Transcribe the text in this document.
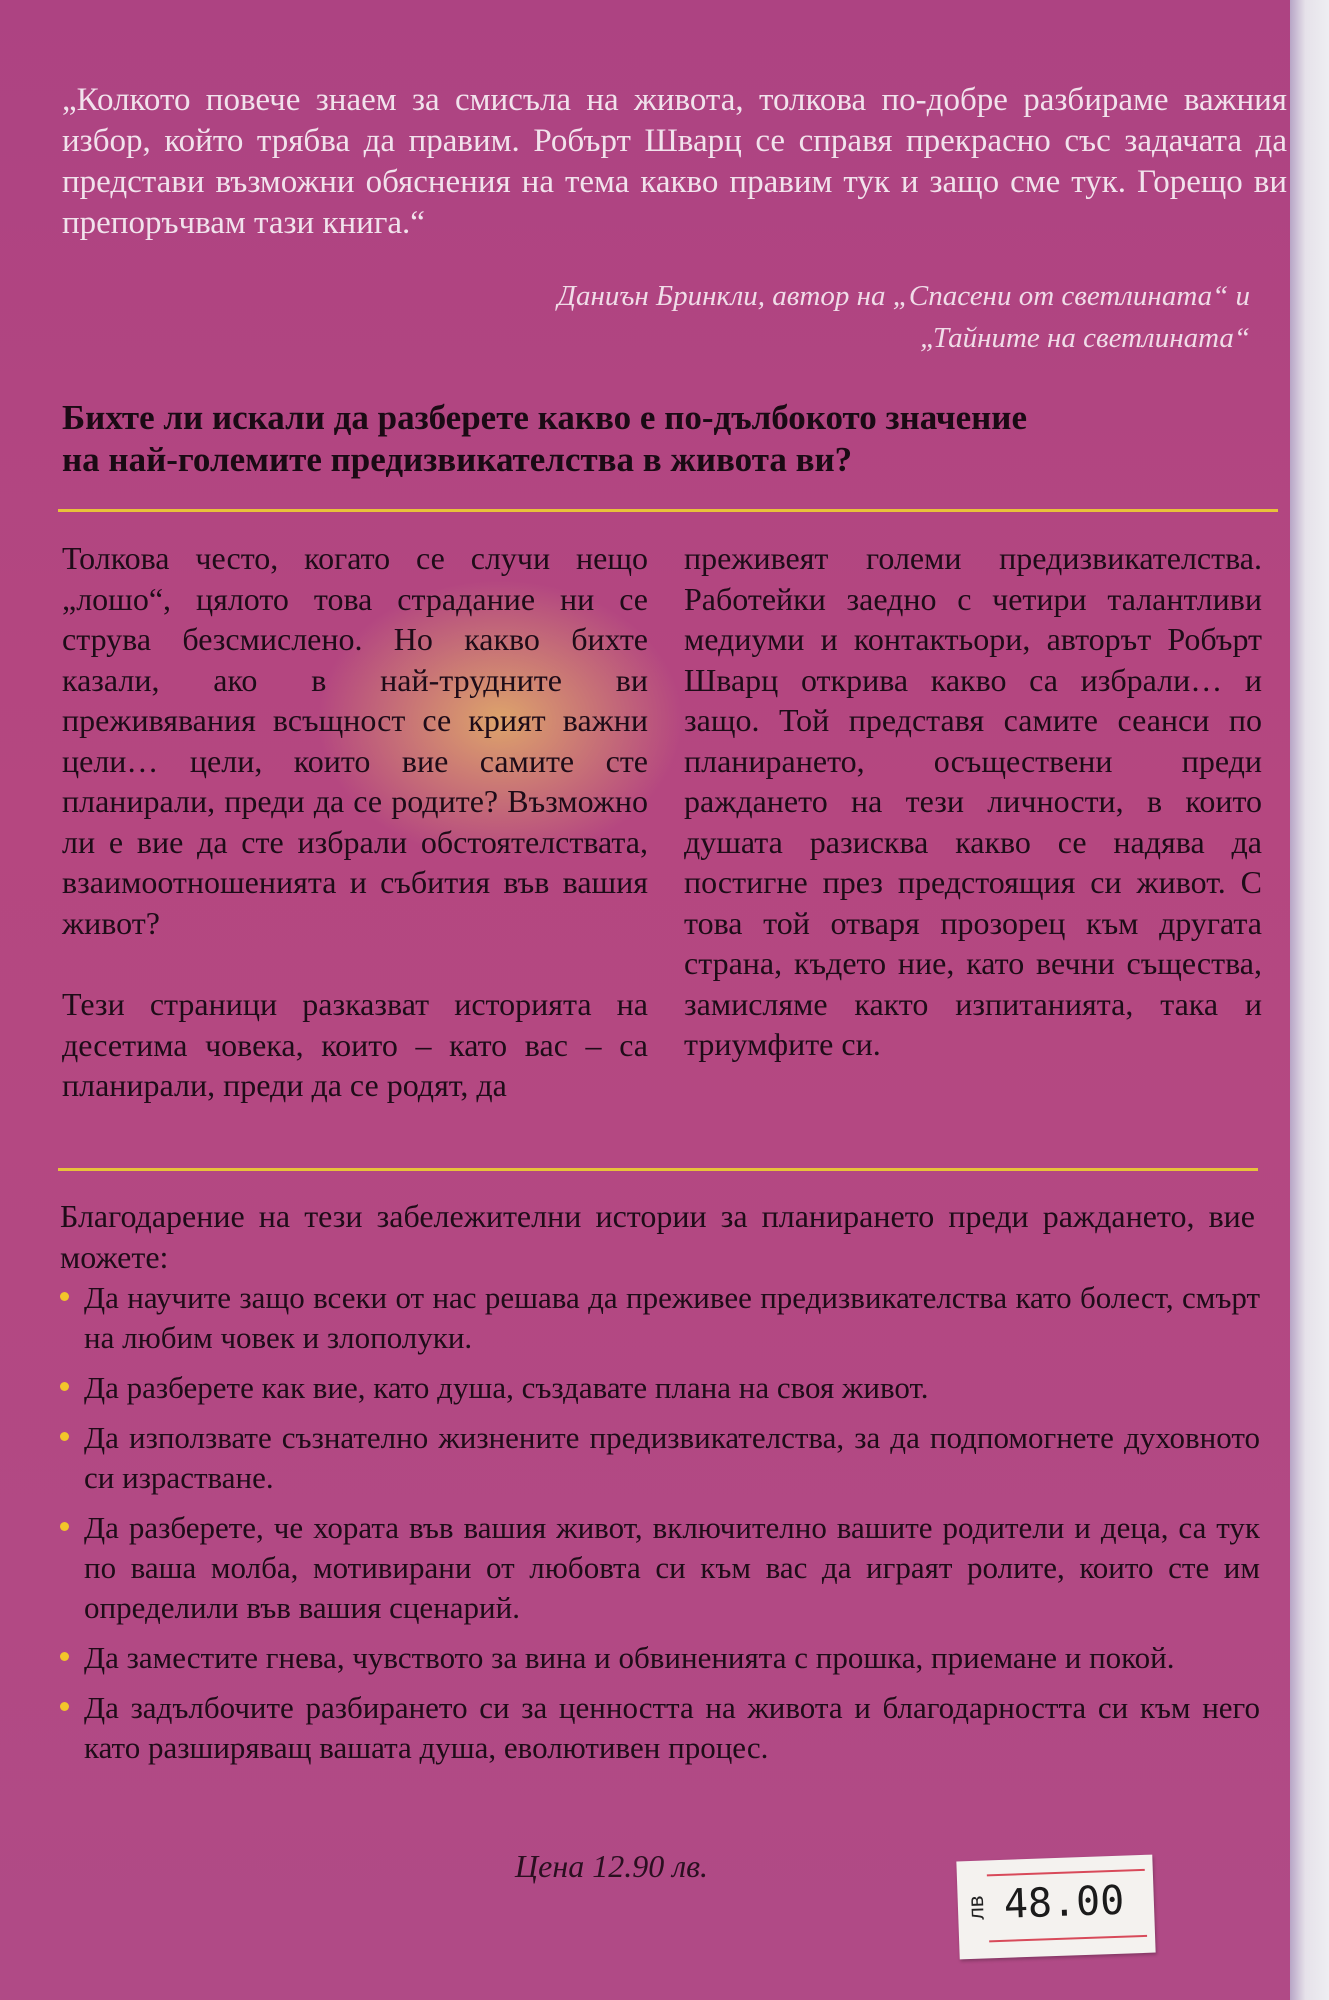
„Колкото повече знаем за смисъла на живота, толкова по-добре разбираме важния избор, който трябва да правим. Робърт Шварц се справя прекрасно със задачата да представи възможни обяснения на тема какво правим тук и защо сме тук. Горещо ви препоръчвам тази книга.“
Даниън Бринкли, автор на „Спасени от светлината“ и
„Тайните на светлината“
Бихте ли искали да разберете какво е по-дълбокото значение
на най-големите предизвикателства в живота ви?

Толкова често, когато се случи нещо „лошо“, цялото това страдание ни се струва безсмислено. Но какво бихте казали, ако в най-трудните ви преживявания всъщност се крият важни цели… цели, които вие самите сте планирали, преди да се родите? Възможно ли е вие да сте избрали обстоятелствата, взаимоотношенията и събития във вашия живот?

Тези страници разказват историята на десетима човека, които – като вас – са планирали, преди да се родят, да

преживеят големи предизвикателства. Работейки заедно с четири талантливи медиуми и контактьори, авторът Робърт Шварц открива какво са избрали… и защо. Той представя самите сеанси по планирането, осъществени преди раждането на тези личности, в които душата разисква какво се надява да постигне през предстоящия си живот. С това той отваря прозорец към другата страна, където ние, като вечни същества, замисляме както изпитанията, така и триумфите си.

Благодарение на тези забележителни истории за планирането преди раждането, вие можете:
Да научите защо всеки от нас решава да преживее предизвикателства като болест, смърт на любим човек и злополуки.
Да разберете как вие, като душа, създавате плана на своя живот.
Да използвате съзнателно жизнените предизвикателства, за да подпомогнете духовното си израстване.
Да разберете, че хората във вашия живот, включително вашите родители и деца, са тук по ваша молба, мотивирани от любовта си към вас да играят ролите, които сте им определили във вашия сценарий.
Да заместите гнева, чувството за вина и обвиненията с прошка, приемане и покой.
Да задълбочите разбирането си за ценността на живота и благодарността си към него като разширяващ вашата душа, еволютивен процес.
Цена 12.90 лв.
лв 48.00
